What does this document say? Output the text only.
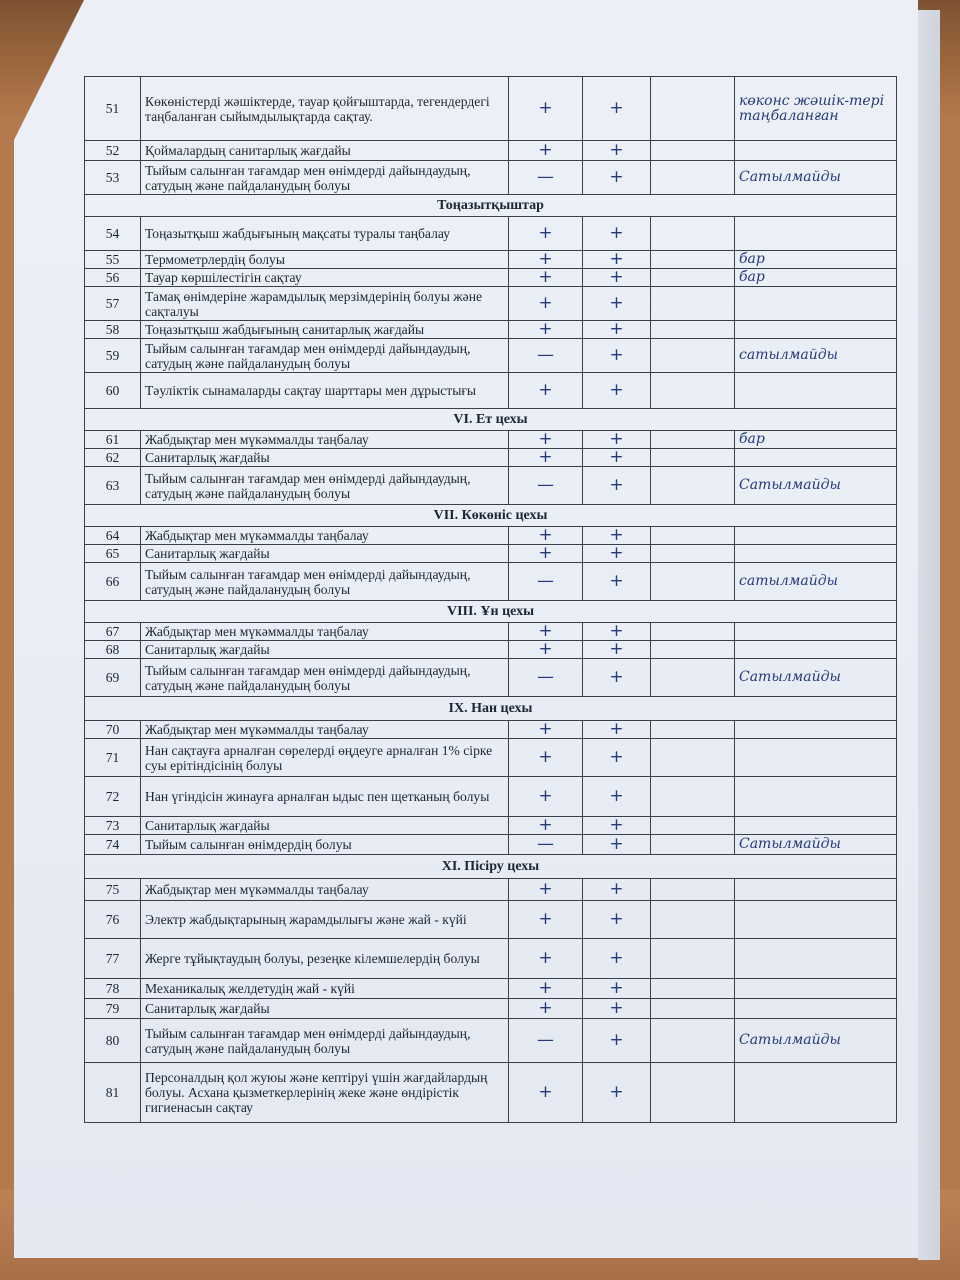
51	Көкөністерді жәшіктерде, тауар қойғыштарда, тегендердегі таңбаланған сыйымдылықтарда сақтау.	+	+		көконс жәшік-тері таңбаланған
52	Қоймалардың санитарлық жағдайы	+	+		
53	Тыйым салынған тағамдар мен өнімдерді дайындаудың, сатудың және пайдаланудың болуы	—	+		Сатылмайды
Тоңазытқыштар					
54	Тоңазытқыш жабдығының мақсаты туралы таңбалау	+	+		
55	Термометрлердің болуы	+	+		бар
56	Тауар көршілестігін сақтау	+	+		бар
57	Тамақ өнімдеріне жарамдылық мерзімдерінің болуы және сақталуы	+	+		
58	Тоңазытқыш жабдығының санитарлық жағдайы	+	+		
59	Тыйым салынған тағамдар мен өнімдерді дайындаудың, сатудың және пайдаланудың болуы	—	+		сатылмайды
60	Тәуліктік сынамаларды сақтау шарттары мен дұрыстығы	+	+		
VI. Ет цехы					
61	Жабдықтар мен мүкәммалды таңбалау	+	+		бар
62	Санитарлық жағдайы	+	+		
63	Тыйым салынған тағамдар мен өнімдерді дайындаудың, сатудың және пайдаланудың болуы	—	+		Сатылмайды
VII. Көкөніс цехы					
64	Жабдықтар мен мүкәммалды таңбалау	+	+		
65	Санитарлық жағдайы	+	+		
66	Тыйым салынған тағамдар мен өнімдерді дайындаудың, сатудың және пайдаланудың болуы	—	+		сатылмайды
VIII. Ұн цехы					
67	Жабдықтар мен мүкәммалды таңбалау	+	+		
68	Санитарлық жағдайы	+	+		
69	Тыйым салынған тағамдар мен өнімдерді дайындаудың, сатудың және пайдаланудың болуы	—	+		Сатылмайды
IX. Нан цехы					
70	Жабдықтар мен мүкәммалды таңбалау	+	+		
71	Нан сақтауға арналған сөрелерді өңдеуге арналған 1% сірке суы ерітіндісінің болуы	+	+		
72	Нан үгіндісін жинауға арналған ыдыс пен щетканың болуы	+	+		
73	Санитарлық жағдайы	+	+		
74	Тыйым салынған өнімдердің болуы	—	+		Сатылмайды
XI. Пісіру цехы					
75	Жабдықтар мен мүкәммалды таңбалау	+	+		
76	Электр жабдықтарының жарамдылығы және жай - күйі	+	+		
77	Жерге тұйықтаудың болуы, резеңке кілемшелердің болуы	+	+		
78	Механикалық желдетудің жай - күйі	+	+		
79	Санитарлық жағдайы	+	+		
80	Тыйым салынған тағамдар мен өнімдерді дайындаудың, сатудың және пайдаланудың болуы	—	+		Сатылмайды
81	Персоналдың қол жуюы және кептіруі үшін жағдайлардың болуы. Асхана қызметкерлерінің жеке және өндірістік гигиенасын сақтау	+	+		
